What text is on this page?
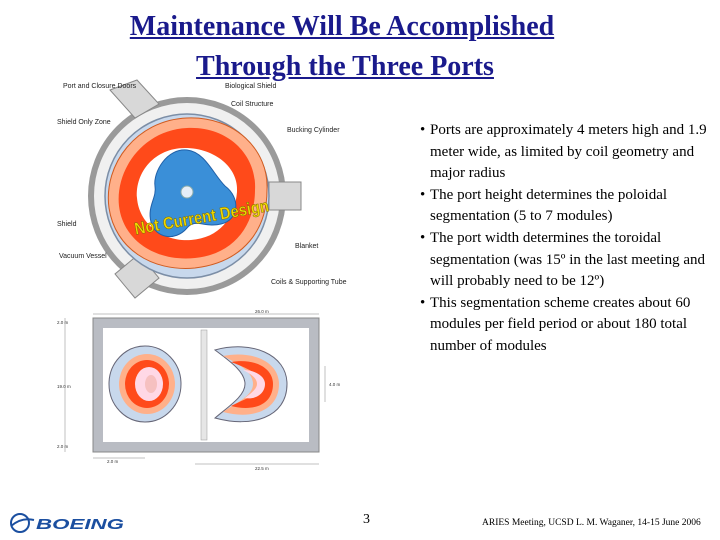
Maintenance Will Be Accomplished
Through the Three Ports
Port and Closure Doors	Biological Shield
Coil Structure
Shield Only Zone
Bucking Cylinder
Shield
Blanket
Vacuum Vessel
Coils & Supporting Tube
Not Current Design
26.0 m
2.0 m
19.0 m
2.0 m
4.0 m
2.0 m
22.5 m
• Ports are approximately 4 meters high and 1.9 meter wide, as limited by coil geometry and major radius
• The port height determines the poloidal segmentation (5 to 7 modules)
• The port width determines the toroidal segmentation (was 15º in the last meeting and will probably need to be 12º)
• This segmentation scheme creates about 60 modules per field period or about 180 total number of modules
BOEING	3	ARIES Meeting, UCSD L. M. Waganer, 14-15 June 2006
